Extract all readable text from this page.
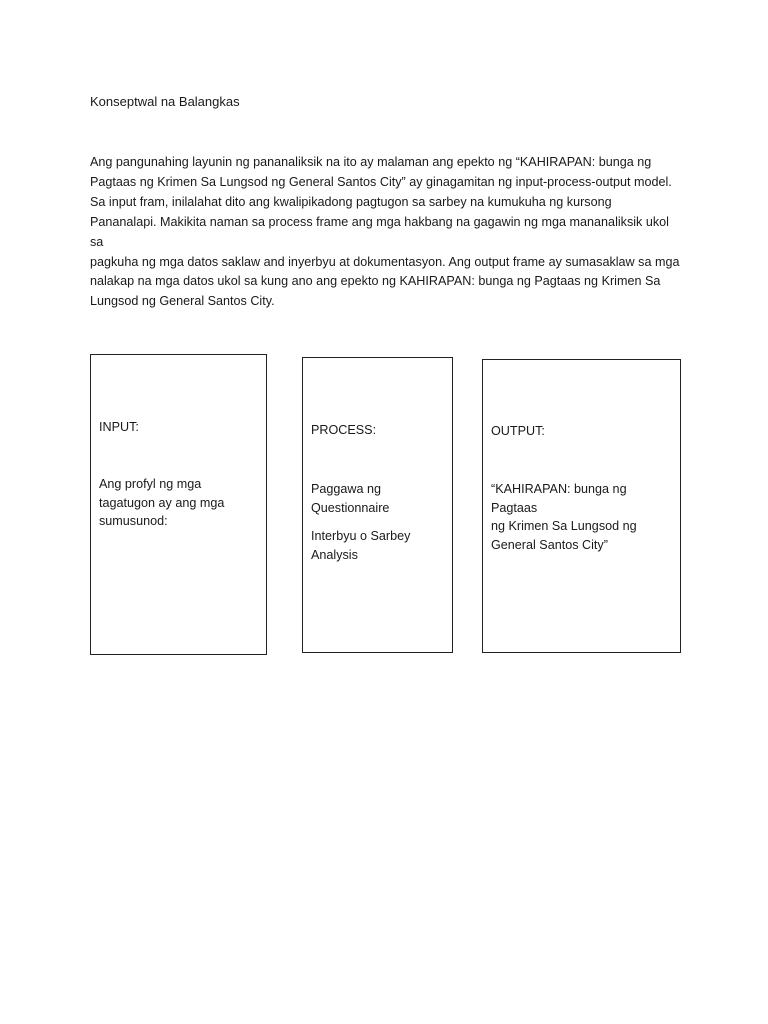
Konseptwal na Balangkas

Ang pangunahing layunin ng pananaliksik na ito ay malaman ang epekto ng “KAHIRAPAN: bunga ng
Pagtaas ng Krimen Sa Lungsod ng General Santos City” ay ginagamitan ng input-process-output model.
Sa input fram, inilalahat dito ang kwalipikadong pagtugon sa sarbey na kumukuha ng kursong
Pananalapi. Makikita naman sa process frame ang mga hakbang na gagawin ng mga mananaliksik ukol sa
pagkuha ng mga datos saklaw and inyerbyu at dokumentasyon. Ang output frame ay sumasaklaw sa mga
nalakap na mga datos ukol sa kung ano ang epekto ng KAHIRAPAN: bunga ng Pagtaas ng Krimen Sa
Lungsod ng General Santos City.

INPUT:

Ang profyl ng mga
tagatugon ay ang mga
sumusunod:

PROCESS:

Paggawa ng
Questionnaire

Interbyu o Sarbey
Analysis

OUTPUT:

“KAHIRAPAN: bunga ng Pagtaas
ng Krimen Sa Lungsod ng
General Santos City”
